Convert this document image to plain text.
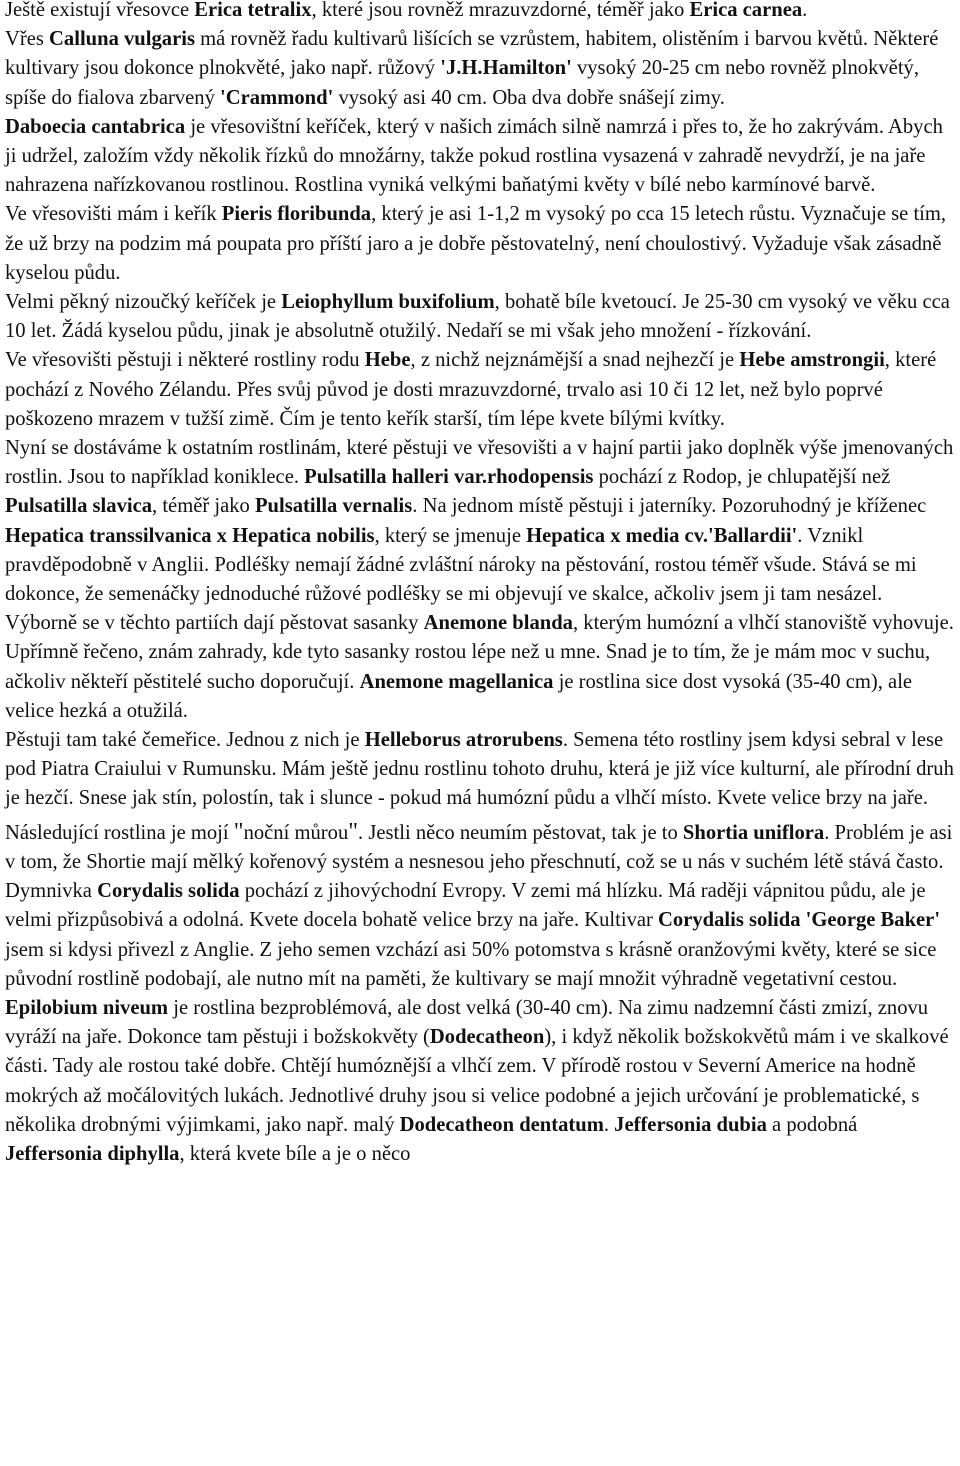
Ještě existují vřesovce Erica tetralix, které jsou rovněž mrazuvzdorné, téměř jako Erica carnea.

Vřes Calluna vulgaris má rovněž řadu kultivarů lišících se vzrůstem, habitem, olistěním i barvou květů. Některé kultivary jsou dokonce plnokvěté, jako např. růžový 'J.H.Hamilton' vysoký 20-25 cm nebo rovněž plnokvětý, spíše do fialova zbarvený 'Crammond' vysoký asi 40 cm. Oba dva dobře snášejí zimy.

Daboecia cantabrica je vřesovištní keříček, který v našich zimách silně namrzá i přes to, že ho zakrývám. Abych ji udržel, založím vždy několik řízků do množárny, takže pokud rostlina vysazená v zahradě nevydrží, je na jaře nahrazena nařízkovanou rostlinou. Rostlina vyniká velkými baňatými květy v bílé nebo karmínové barvě.

Ve vřesovišti mám i keřík Pieris floribunda, který je asi 1-1,2 m vysoký po cca 15 letech růstu. Vyznačuje se tím, že už brzy na podzim má poupata pro příští jaro a je dobře pěstovatelný, není choulostivý. Vyžaduje však zásadně kyselou půdu.

Velmi pěkný nizoučký keříček je Leiophyllum buxifolium, bohatě bíle kvetoucí. Je 25-30 cm vysoký ve věku cca 10 let. Žádá kyselou půdu, jinak je absolutně otužilý. Nedaří se mi však jeho množení - řízkování.

Ve vřesovišti pěstuji i některé rostliny rodu Hebe, z nichž nejznámější a snad nejhezčí je Hebe amstrongii, které pochází z Nového Zélandu. Přes svůj původ je dosti mrazuvzdorné, trvalo asi 10 či 12 let, než bylo poprvé poškozeno mrazem v tužší zimě. Čím je tento keřík starší, tím lépe kvete bílými kvítky.

Nyní se dostáváme k ostatním rostlinám, které pěstuji ve vřesovišti a v hajní partii jako doplněk výše jmenovaných rostlin. Jsou to například koniklece. Pulsatilla halleri var.rhodopensis pochází z Rodop, je chlupatější než Pulsatilla slavica, téměř jako Pulsatilla vernalis. Na jednom místě pěstuji i jaterníky. Pozoruhodný je kříženec Hepatica transsilvanica x Hepatica nobilis, který se jmenuje Hepatica x media cv.'Ballardii'. Vznikl pravděpodobně v Anglii. Podléšky nemají žádné zvláštní nároky na pěstování, rostou téměř všude. Stává se mi dokonce, že semenáčky jednoduché růžové podléšky se mi objevují ve skalce, ačkoliv jsem ji tam nesázel. Výborně se v těchto partiích dají pěstovat sasanky Anemone blanda, kterým humózní a vlhčí stanoviště vyhovuje. Upřímně řečeno, znám zahrady, kde tyto sasanky rostou lépe než u mne. Snad je to tím, že je mám moc v suchu, ačkoliv někteří pěstitelé sucho doporučují. Anemone magellanica je rostlina sice dost vysoká (35-40 cm), ale velice hezká a otužilá.

Pěstuji tam také čemeřice. Jednou z nich je Helleborus atrorubens. Semena této rostliny jsem kdysi sebral v lese pod Piatra Craiului v Rumunsku. Mám ještě jednu rostlinu tohoto druhu, která je již více kulturní, ale přírodní druh je hezčí. Snese jak stín, polostín, tak i slunce - pokud má humózní půdu a vlhčí místo. Kvete velice brzy na jaře.

Následující rostlina je mojí "noční můrou". Jestli něco neumím pěstovat, tak je to Shortia uniflora. Problém je asi v tom, že Shortie mají mělký kořenový systém a nesnesou jeho přeschnutí, což se u nás v suchém létě stává často. Dymnivka Corydalis solida pochází z jihovýchodní Evropy. V zemi má hlízku. Má raději vápnitou půdu, ale je velmi přizpůsobivá a odolná. Kvete docela bohatě velice brzy na jaře. Kultivar Corydalis solida 'George Baker' jsem si kdysi přivezl z Anglie. Z jeho semen vzchází asi 50% potomstva s krásně oranžovými květy, které se sice původní rostlině podobají, ale nutno mít na paměti, že kultivary se mají množit výhradně vegetativní cestou. Epilobium niveum je rostlina bezproblémová, ale dost velká (30-40 cm). Na zimu nadzemní části zmizí, znovu vyráží na jaře. Dokonce tam pěstuji i božskokvěty (Dodecatheon), i když několik božskokvětů mám i ve skalkové části. Tady ale rostou také dobře. Chtějí humóznější a vlhčí zem. V přírodě rostou v Severní Americe na hodně mokrých až močálovitých lukách. Jednotlivé druhy jsou si velice podobné a jejich určování je problematické, s několika drobnými výjimkami, jako např. malý Dodecatheon dentatum. Jeffersonia dubia a podobná Jeffersonia diphylla, která kvete bíle a je o něco
